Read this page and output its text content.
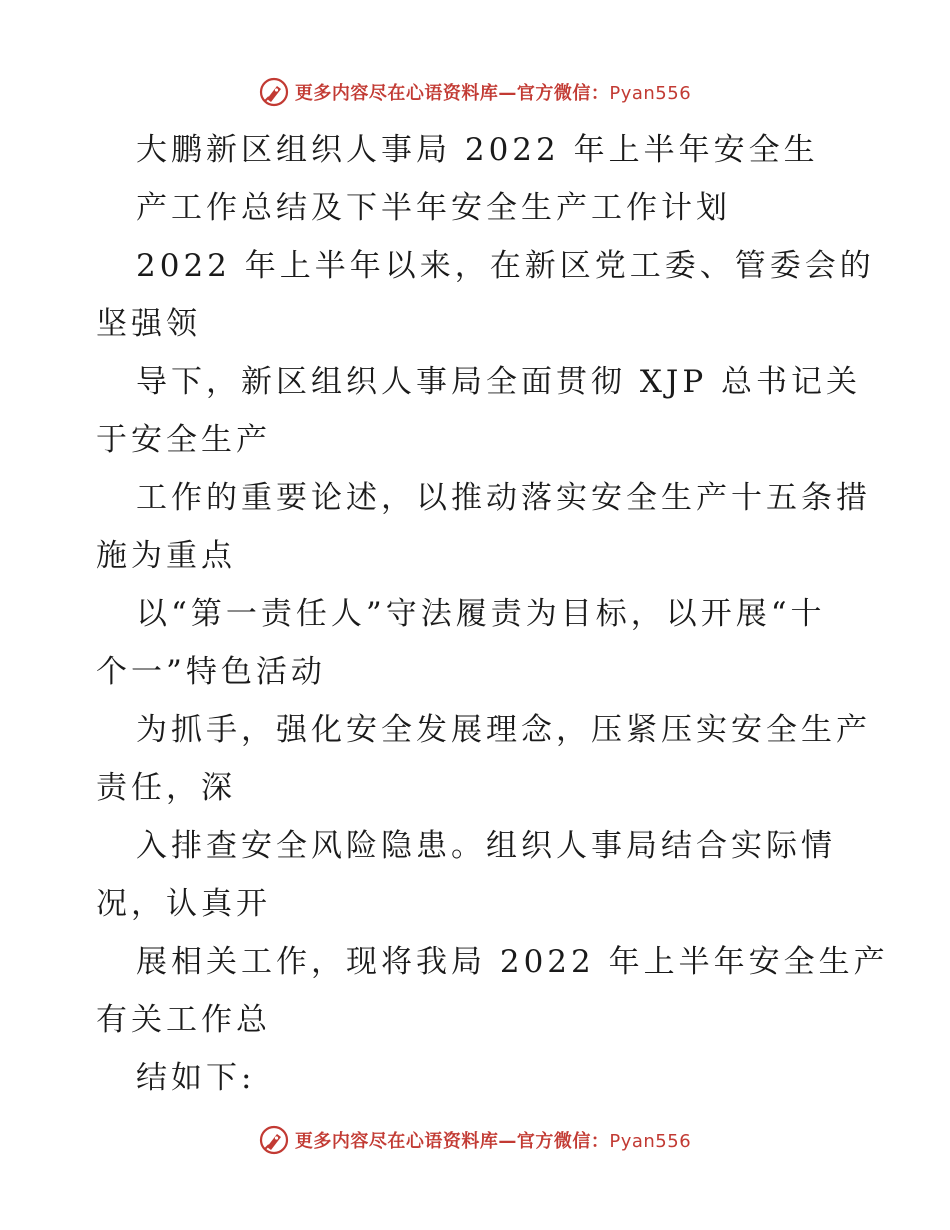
更多内容尽在心语资料库—官方微信：Pyan556
大鹏新区组织人事局 2022 年上半年安全生
产工作总结及下半年安全生产工作计划
2022 年上半年以来，在新区党工委、管委会的
坚强领
导下，新区组织人事局全面贯彻 XJP 总书记关
于安全生产
工作的重要论述，以推动落实安全生产十五条措
施为重点
以“第一责任人”守法履责为目标，以开展“十
个一”特色活动
为抓手，强化安全发展理念，压紧压实安全生产
责任，深
入排查安全风险隐患。组织人事局结合实际情
况，认真开
展相关工作，现将我局 2022 年上半年安全生产
有关工作总
结如下:
更多内容尽在心语资料库—官方微信：Pyan556
